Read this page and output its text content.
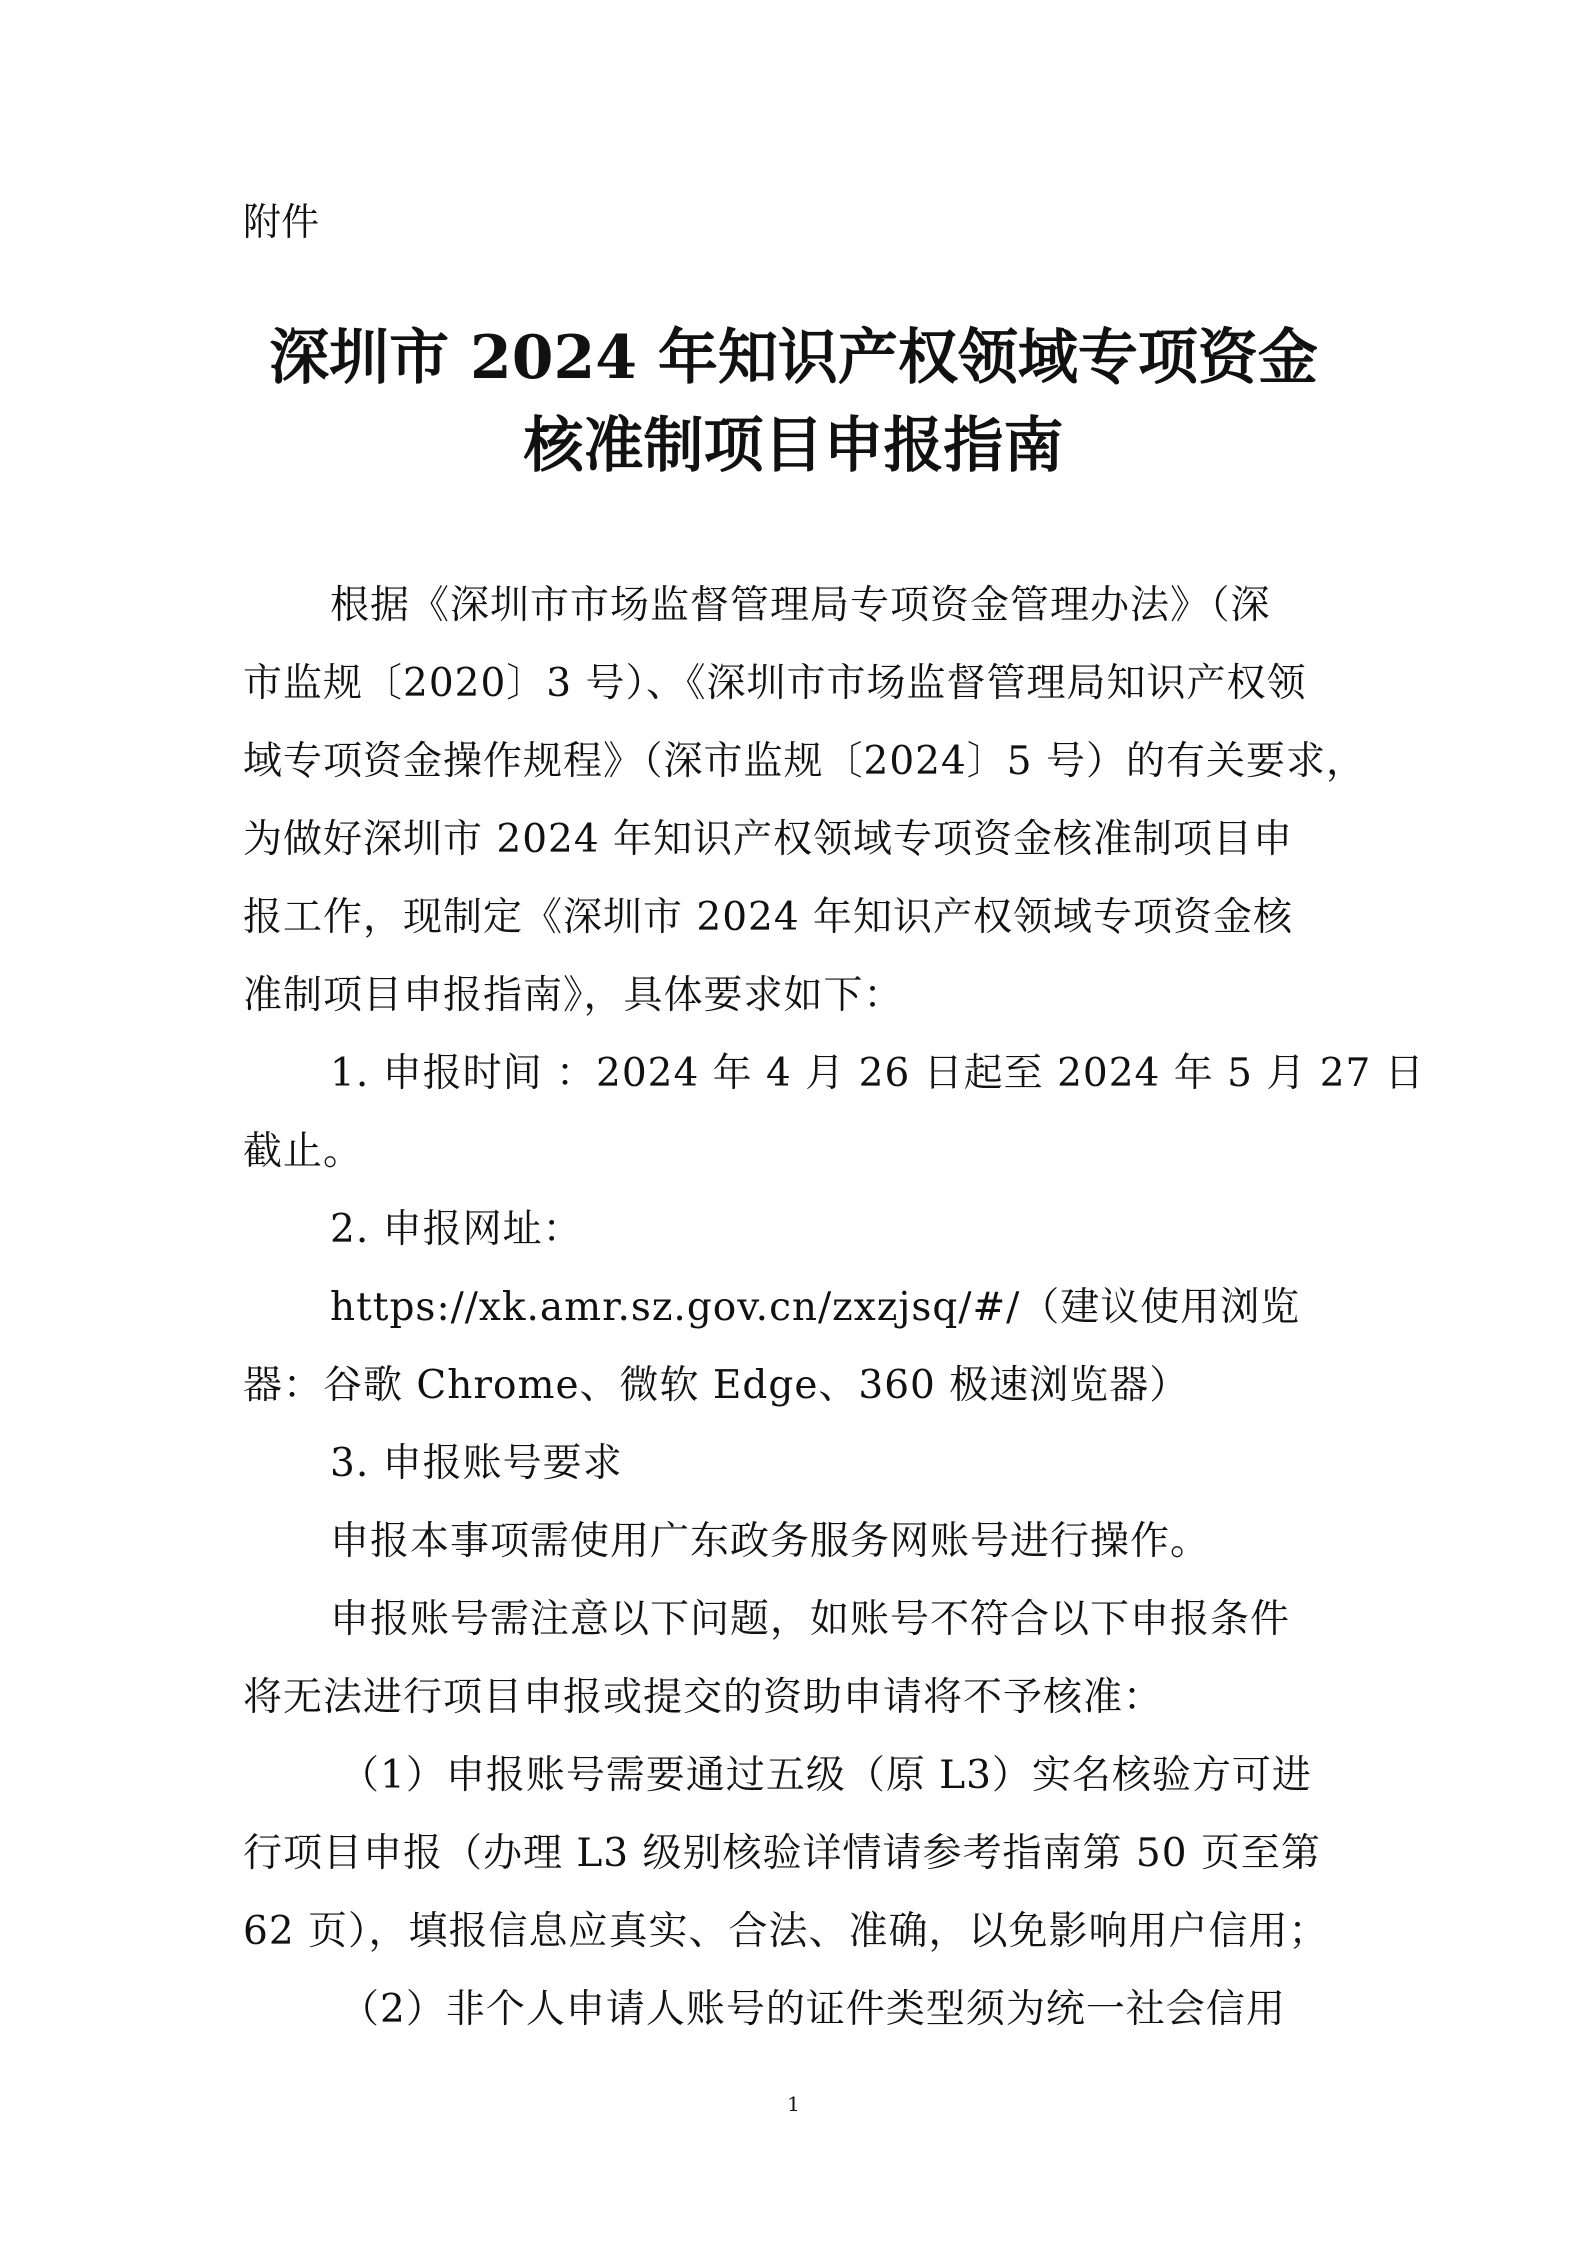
附件

深圳市 2024 年知识产权领域专项资金
核准制项目申报指南

根据《深圳市市场监督管理局专项资金管理办法》（深

市监规〔2020〕3 号）、《深圳市市场监督管理局知识产权领

域专项资金操作规程》（深市监规〔2024〕5 号）的有关要求，

为做好深圳市 2024 年知识产权领域专项资金核准制项目申

报工作，现制定《深圳市 2024 年知识产权领域专项资金核

准制项目申报指南》，具体要求如下：

1. 申报时间 ：2024 年 4 月 26 日起至 2024 年 5 月 27 日

截止。

2. 申报网址：

https://xk.amr.sz.gov.cn/zxzjsq/#/（建议使用浏览

器：谷歌 Chrome、微软 Edge、360 极速浏览器）

3. 申报账号要求

申报本事项需使用广东政务服务网账号进行操作。

申报账号需注意以下问题，如账号不符合以下申报条件

将无法进行项目申报或提交的资助申请将不予核准：

（1）申报账号需要通过五级（原 L3）实名核验方可进

行项目申报（办理 L3 级别核验详情请参考指南第 50 页至第

62 页），填报信息应真实、合法、准确，以免影响用户信用；

（2）非个人申请人账号的证件类型须为统一社会信用

1
